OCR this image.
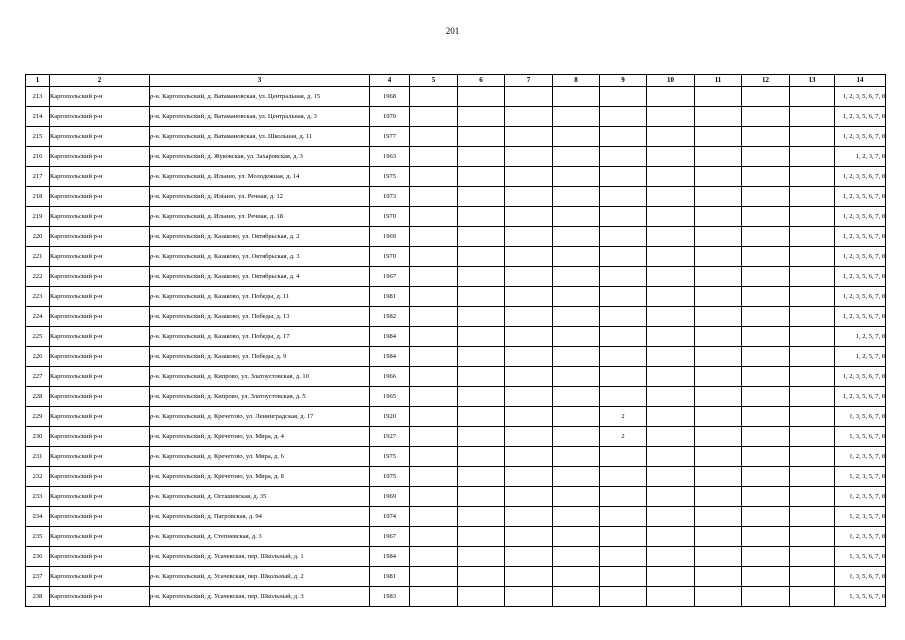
201
1	2	3	4	5	6	7	8	9	10	11	12	13	14
213	Каргопольский р-н	р-н. Каргопольский, д. Ватамановская, ул. Центральная, д. 15	1968										1, 2, 3, 5, 6, 7, 8
214	Каргопольский р-н	р-н. Каргопольский, д. Ватамановская, ул. Центральная, д. 3	1970										1, 2, 3, 5, 6, 7, 8
215	Каргопольский р-н	р-н. Каргопольский, д. Ватамановская, ул. Школьная, д. 11	1977										1, 2, 3, 5, 6, 7, 8
216	Каргопольский р-н	р-н. Каргопольский, д. Жуковская, ул. Захаровская, д. 3	1963										1, 2, 3, 7, 8
217	Каргопольский р-н	р-н. Каргопольский, д. Ильино, ул. Молодежная, д. 14	1975										1, 2, 3, 5, 6, 7, 8
218	Каргопольский р-н	р-н. Каргопольский, д. Ильино, ул. Речная, д. 12	1973										1, 2, 3, 5, 6, 7, 8
219	Каргопольский р-н	р-н. Каргопольский, д. Ильино, ул. Речная, д. 18	1970										1, 2, 3, 5, 6, 7, 8
220	Каргопольский р-н	р-н. Каргопольский, д. Казаково, ул. Октябрьская, д. 2	1969										1, 2, 3, 5, 6, 7, 8
221	Каргопольский р-н	р-н. Каргопольский, д. Казаково, ул. Октябрьская, д. 3	1970										1, 2, 3, 5, 6, 7, 8
222	Каргопольский р-н	р-н. Каргопольский, д. Казаково, ул. Октябрьская, д. 4	1967										1, 2, 3, 5, 6, 7, 8
223	Каргопольский р-н	р-н. Каргопольский, д. Казаково, ул. Победы, д. 11	1981										1, 2, 3, 5, 6, 7, 8
224	Каргопольский р-н	р-н. Каргопольский, д. Казаково, ул. Победы, д. 13	1982										1, 2, 3, 5, 6, 7, 8
225	Каргопольский р-н	р-н. Каргопольский, д. Казаково, ул. Победы, д. 17	1984										1, 2, 5, 7, 8
226	Каргопольский р-н	р-н. Каргопольский, д. Казаково, ул. Победы, д. 9	1984										1, 2, 5, 7, 8
227	Каргопольский р-н	р-н. Каргопольский, д. Кипрово, ул. Златоустовская, д. 10	1966										1, 2, 3, 5, 6, 7, 8
228	Каргопольский р-н	р-н. Каргопольский, д. Кипрово, ул. Златоустовская, д. 5	1965										1, 2, 3, 5, 6, 7, 8
229	Каргопольский р-н	р-н. Каргопольский, д. Кречетово, ул. Ленинградская, д. 17	1920					2					1, 3, 5, 6, 7, 8
230	Каргопольский р-н	р-н. Каргопольский, д. Кречетово, ул. Мира, д. 4	1927					2					1, 3, 5, 6, 7, 8
231	Каргопольский р-н	р-н. Каргопольский, д. Кречетово, ул. Мира, д. 6	1975										1, 2, 3, 5, 7, 8
232	Каргопольский р-н	р-н. Каргопольский, д. Кречетово, ул. Мира, д. 8	1975										1, 2, 3, 5, 7, 8
233	Каргопольский р-н	р-н. Каргопольский, д. Осташевская, д. 35	1969										1, 2, 3, 5, 7, 8
234	Каргопольский р-н	р-н. Каргопольский, д. Патровская, д. 94	1974										1, 2, 3, 5, 7, 8
235	Каргопольский р-н	р-н. Каргопольский, д. Степневская, д. 3	1967										1, 2, 3, 5, 7, 8
236	Каргопольский р-н	р-н. Каргопольский, д. Усачевская, пер. Школьный, д. 1	1984										1, 3, 5, 6, 7, 8
237	Каргопольский р-н	р-н. Каргопольский, д. Усачевская, пер. Школьный, д. 2	1981										1, 3, 5, 6, 7, 8
238	Каргопольский р-н	р-н. Каргопольский, д. Усачевская, пер. Школьный, д. 3	1983										1, 3, 5, 6, 7, 8
